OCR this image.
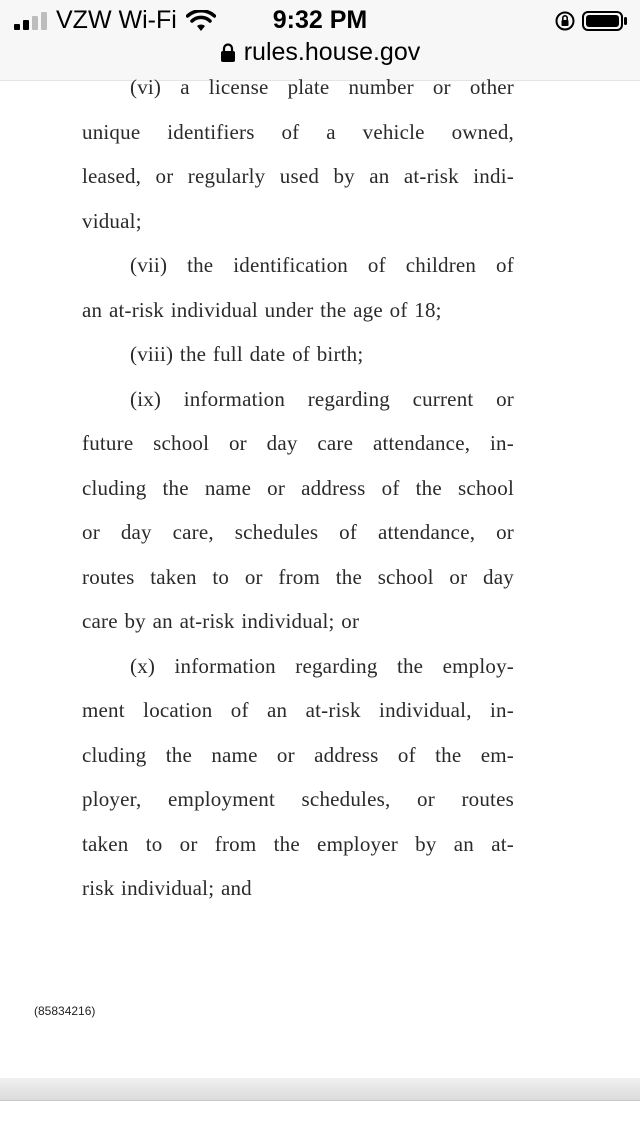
VZW Wi-Fi	9:32 PM
rules.house.gov
(vi) a license plate number or other
unique identifiers of a vehicle owned,
leased, or regularly used by an at-risk indi-
vidual;
(vii) the identification of children of
an at-risk individual under the age of 18;
(viii) the full date of birth;
(ix) information regarding current or
future school or day care attendance, in-
cluding the name or address of the school
or day care, schedules of attendance, or
routes taken to or from the school or day
care by an at-risk individual; or
(x) information regarding the employ-
ment location of an at-risk individual, in-
cluding the name or address of the em-
ployer, employment schedules, or routes
taken to or from the employer by an at-
risk individual; and
(85834216)
